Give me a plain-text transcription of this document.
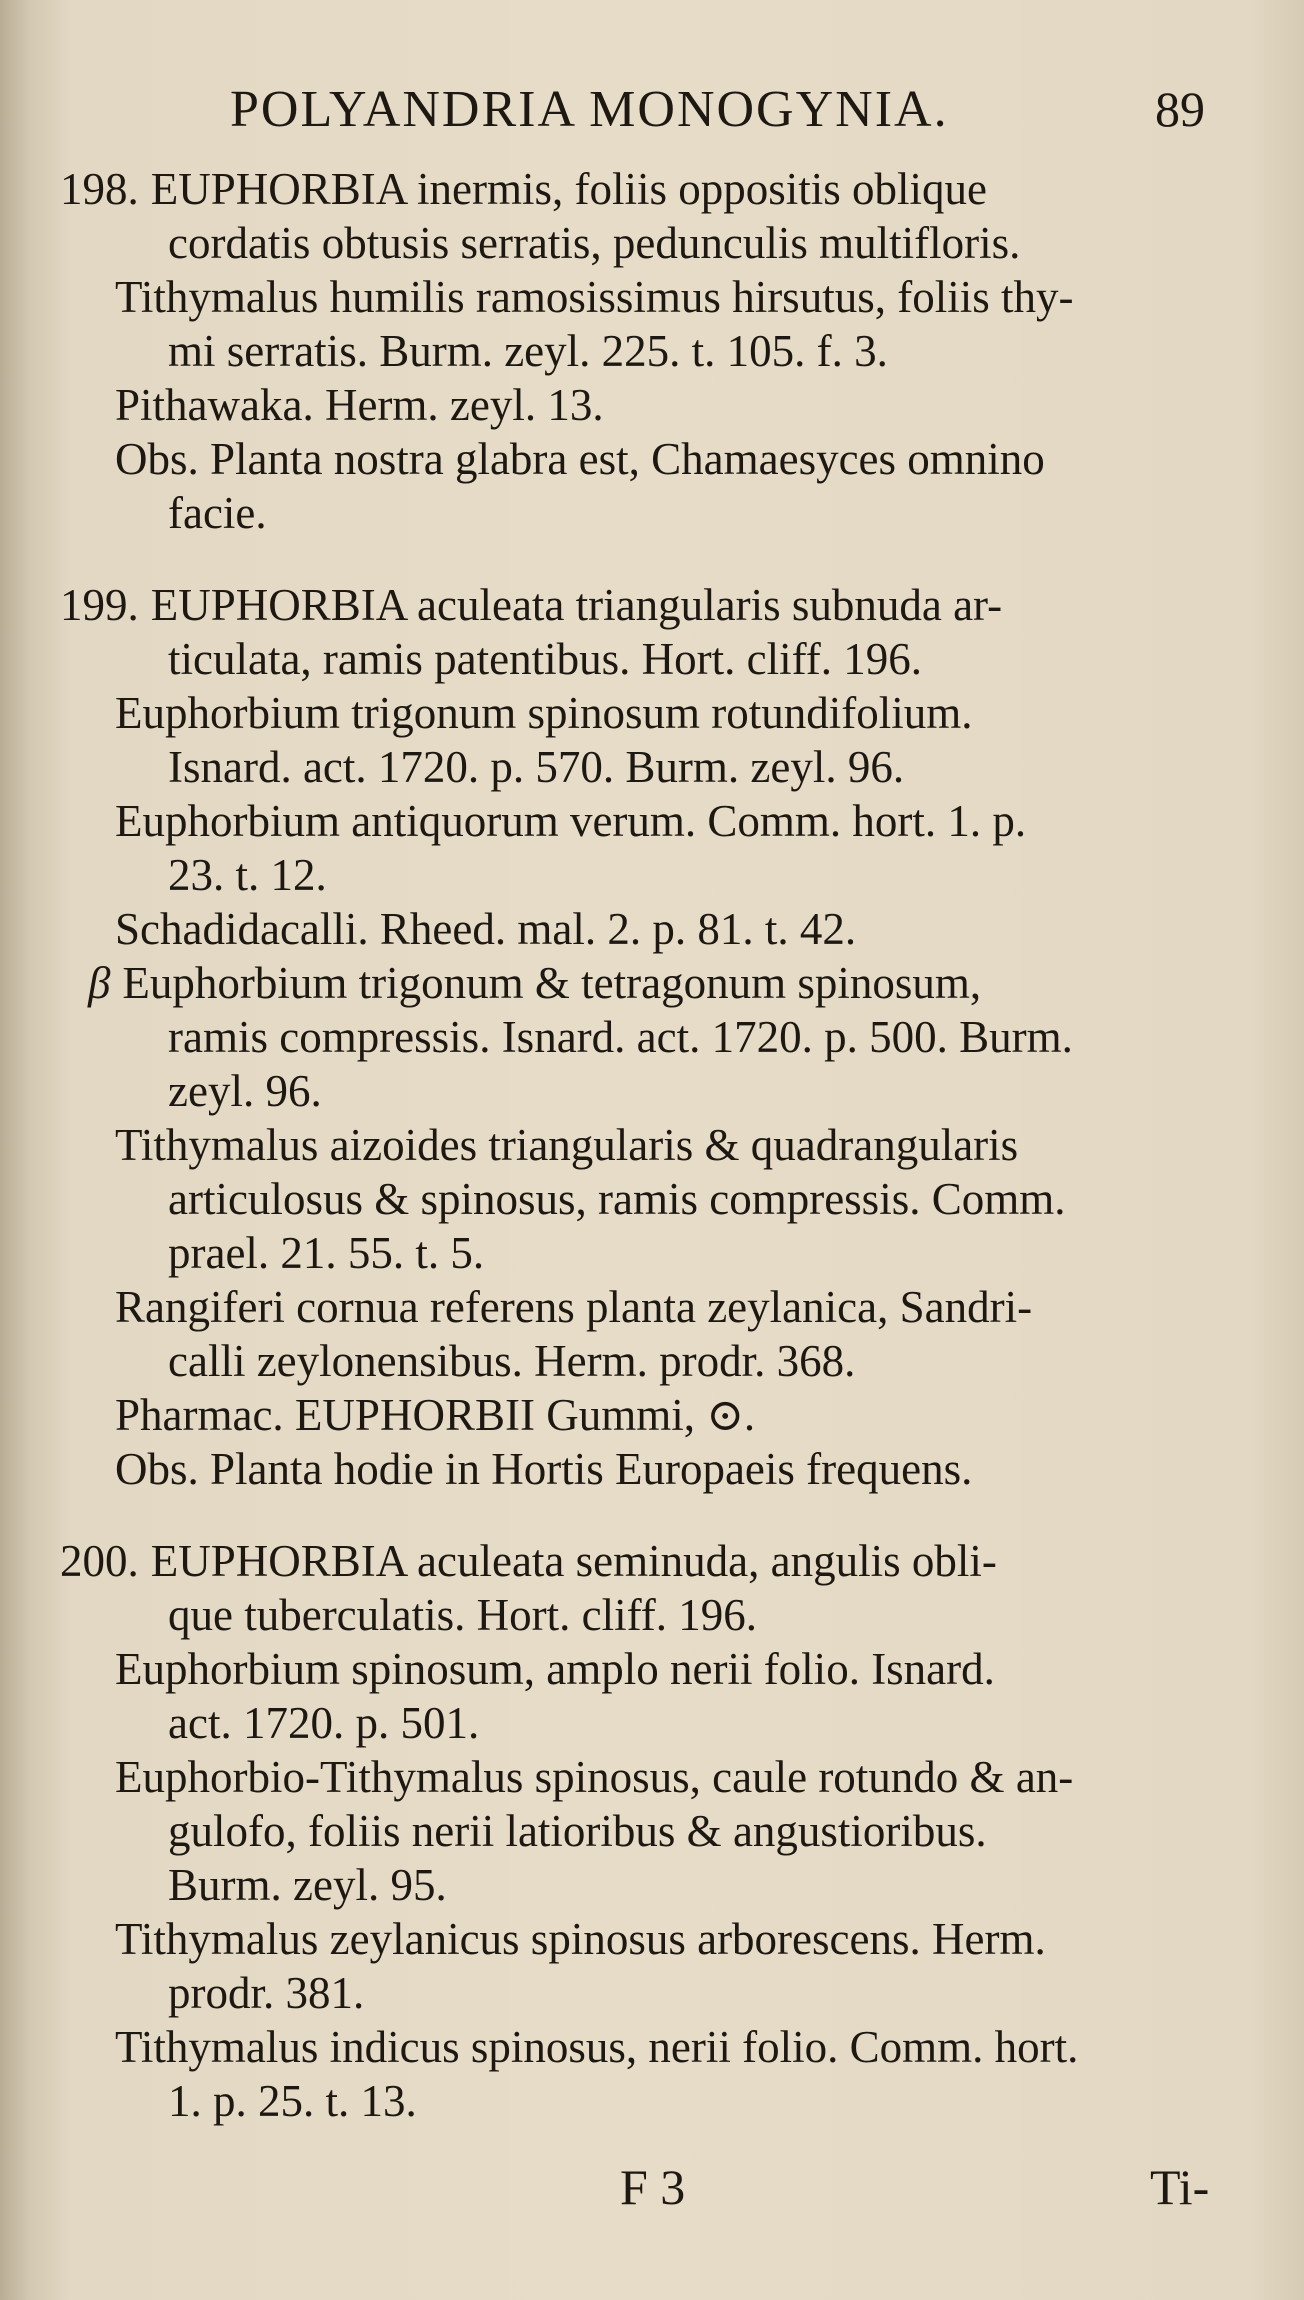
POLYANDRIA MONOGYNIA.	89
198. EUPHORBIA inermis, foliis oppositis oblique
cordatis obtusis serratis, pedunculis multifloris.
Tithymalus humilis ramosissimus hirsutus, foliis thy-
mi serratis. Burm. zeyl. 225. t. 105. f. 3.
Pithawaka. Herm. zeyl. 13.
Obs. Planta nostra glabra est, Chamaesyces omnino
facie.
199. EUPHORBIA aculeata triangularis subnuda ar-
ticulata, ramis patentibus. Hort. cliff. 196.
Euphorbium trigonum spinosum rotundifolium.
Isnard. act. 1720. p. 570. Burm. zeyl. 96.
Euphorbium antiquorum verum. Comm. hort. 1. p.
23. t. 12.
Schadidacalli. Rheed. mal. 2. p. 81. t. 42.
β Euphorbium trigonum & tetragonum spinosum,
ramis compressis. Isnard. act. 1720. p. 500. Burm.
zeyl. 96.
Tithymalus aizoides triangularis & quadrangularis
articulosus & spinosus, ramis compressis. Comm.
prael. 21. 55. t. 5.
Rangiferi cornua referens planta zeylanica, Sandri-
calli zeylonensibus. Herm. prodr. 368.
Pharmac. EUPHORBII Gummi, ⊙.
Obs. Planta hodie in Hortis Europaeis frequens.
200. EUPHORBIA aculeata seminuda, angulis obli-
que tuberculatis. Hort. cliff. 196.
Euphorbium spinosum, amplo nerii folio. Isnard.
act. 1720. p. 501.
Euphorbio-Tithymalus spinosus, caule rotundo & an-
gulofo, foliis nerii latioribus & angustioribus.
Burm. zeyl. 95.
Tithymalus zeylanicus spinosus arborescens. Herm.
prodr. 381.
Tithymalus indicus spinosus, nerii folio. Comm. hort.
1. p. 25. t. 13.
F 3	Ti-
